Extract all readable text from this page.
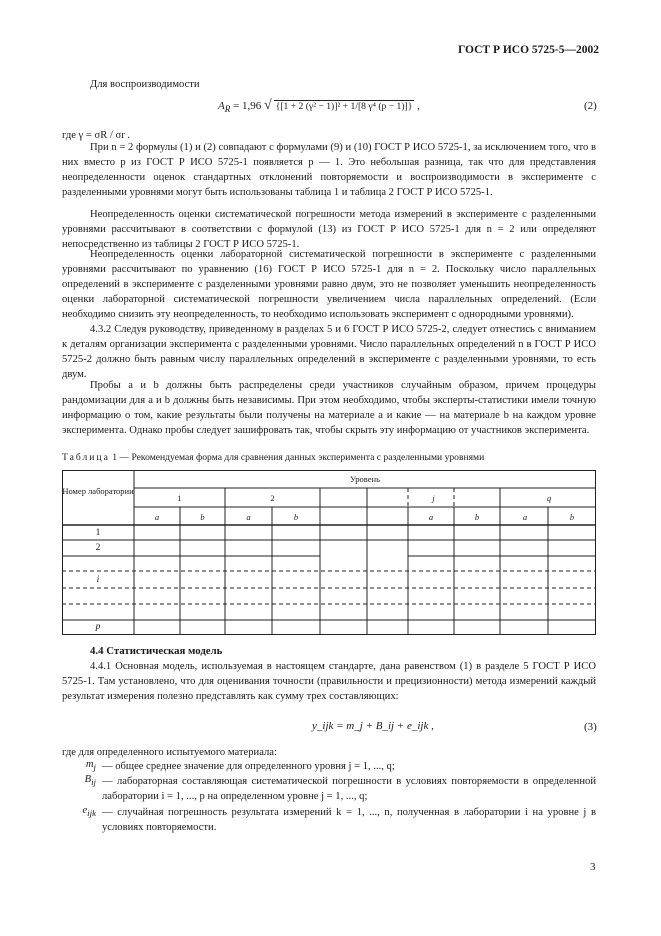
ГОСТ Р ИСО 5725-5—2002
Для воспроизводимости
$A_R = 1,96$ √ {[1 + 2 (γ² − 1)]² + 1/[8 γ⁴ (p − 1)]} ,	(2)
где γ = σR / σr .
При n = 2 формулы (1) и (2) совпадают с формулами (9) и (10) ГОСТ Р ИСО 5725-1, за исключением того, что в них вместо p из ГОСТ Р ИСО 5725-1 появляется p — 1. Это небольшая разница, так что для представления неопределенности оценок стандартных отклонений повторяемости и воспроизводимости в эксперименте с разделенными уровнями могут быть использованы таблица 1 и таблица 2 ГОСТ Р ИСО 5725-1.
Неопределенность оценки систематической погрешности метода измерений в эксперименте с разделенными уровнями рассчитывают в соответствии с формулой (13) из ГОСТ Р ИСО 5725-1 для n = 2 или определяют непосредственно из таблицы 2 ГОСТ Р ИСО 5725-1.
Неопределенность оценки лабораторной систематической погрешности в эксперименте с разделенными уровнями рассчитывают по уравнению (16) ГОСТ Р ИСО 5725-1 для n = 2. Поскольку число параллельных определений в эксперименте с разделенными уровнями равно двум, это не позволяет уменьшить неопределенность оценки лабораторной систематической погрешности увеличением числа параллельных определений. (Если необходимо снизить эту неопределенность, то необходимо использовать эксперимент с однородными уровнями).
4.3.2 Следуя руководству, приведенному в разделах 5 и 6 ГОСТ Р ИСО 5725-2, следует отнестись с вниманием к деталям организации эксперимента с разделенными уровнями. Число параллельных определений n в ГОСТ Р ИСО 5725-2 должно быть равным числу параллельных определений в эксперименте с разделенными уровнями, то есть двум.
Пробы a и b должны быть распределены среди участников случайным образом, причем процедуры рандомизации для a и b должны быть независимы. При этом необходимо, чтобы эксперты-статистики имели точную информацию о том, какие результаты были получены на материале a и какие — на материале b на каждом уровне эксперимента. Однако пробы следует зашифровать так, чтобы скрыть эту информацию от участников эксперимента.
Таблица 1 — Рекомендуемая форма для сравнения данных эксперимента с разделенными уровнями
Номер лаборатории
Уровень
1	2	j	q
a	b	a	b	a	b	a	b
1
2
i
p
4.4 Статистическая модель
4.4.1 Основная модель, используемая в настоящем стандарте, дана равенством (1) в разделе 5 ГОСТ Р ИСО 5725-1. Там установлено, что для оценивания точности (правильности и прецизионности) метода измерений каждый результат измерения полезно представлять как сумму трех составляющих:
y_ijk = m_j + B_ij + e_ijk ,	(3)
где для определенного испытуемого материала:
$m_j$ — общее среднее значение для определенного уровня j = 1, ..., q;
$B_{ij}$ — лабораторная составляющая систематической погрешности в условиях повторяемости в определенной лаборатории i = 1, ..., p на определенном уровне j = 1, ..., q;
$e_{ijk}$ — случайная погрешность результата измерений k = 1, ..., n, полученная в лаборатории i на уровне j в условиях повторяемости.
3
